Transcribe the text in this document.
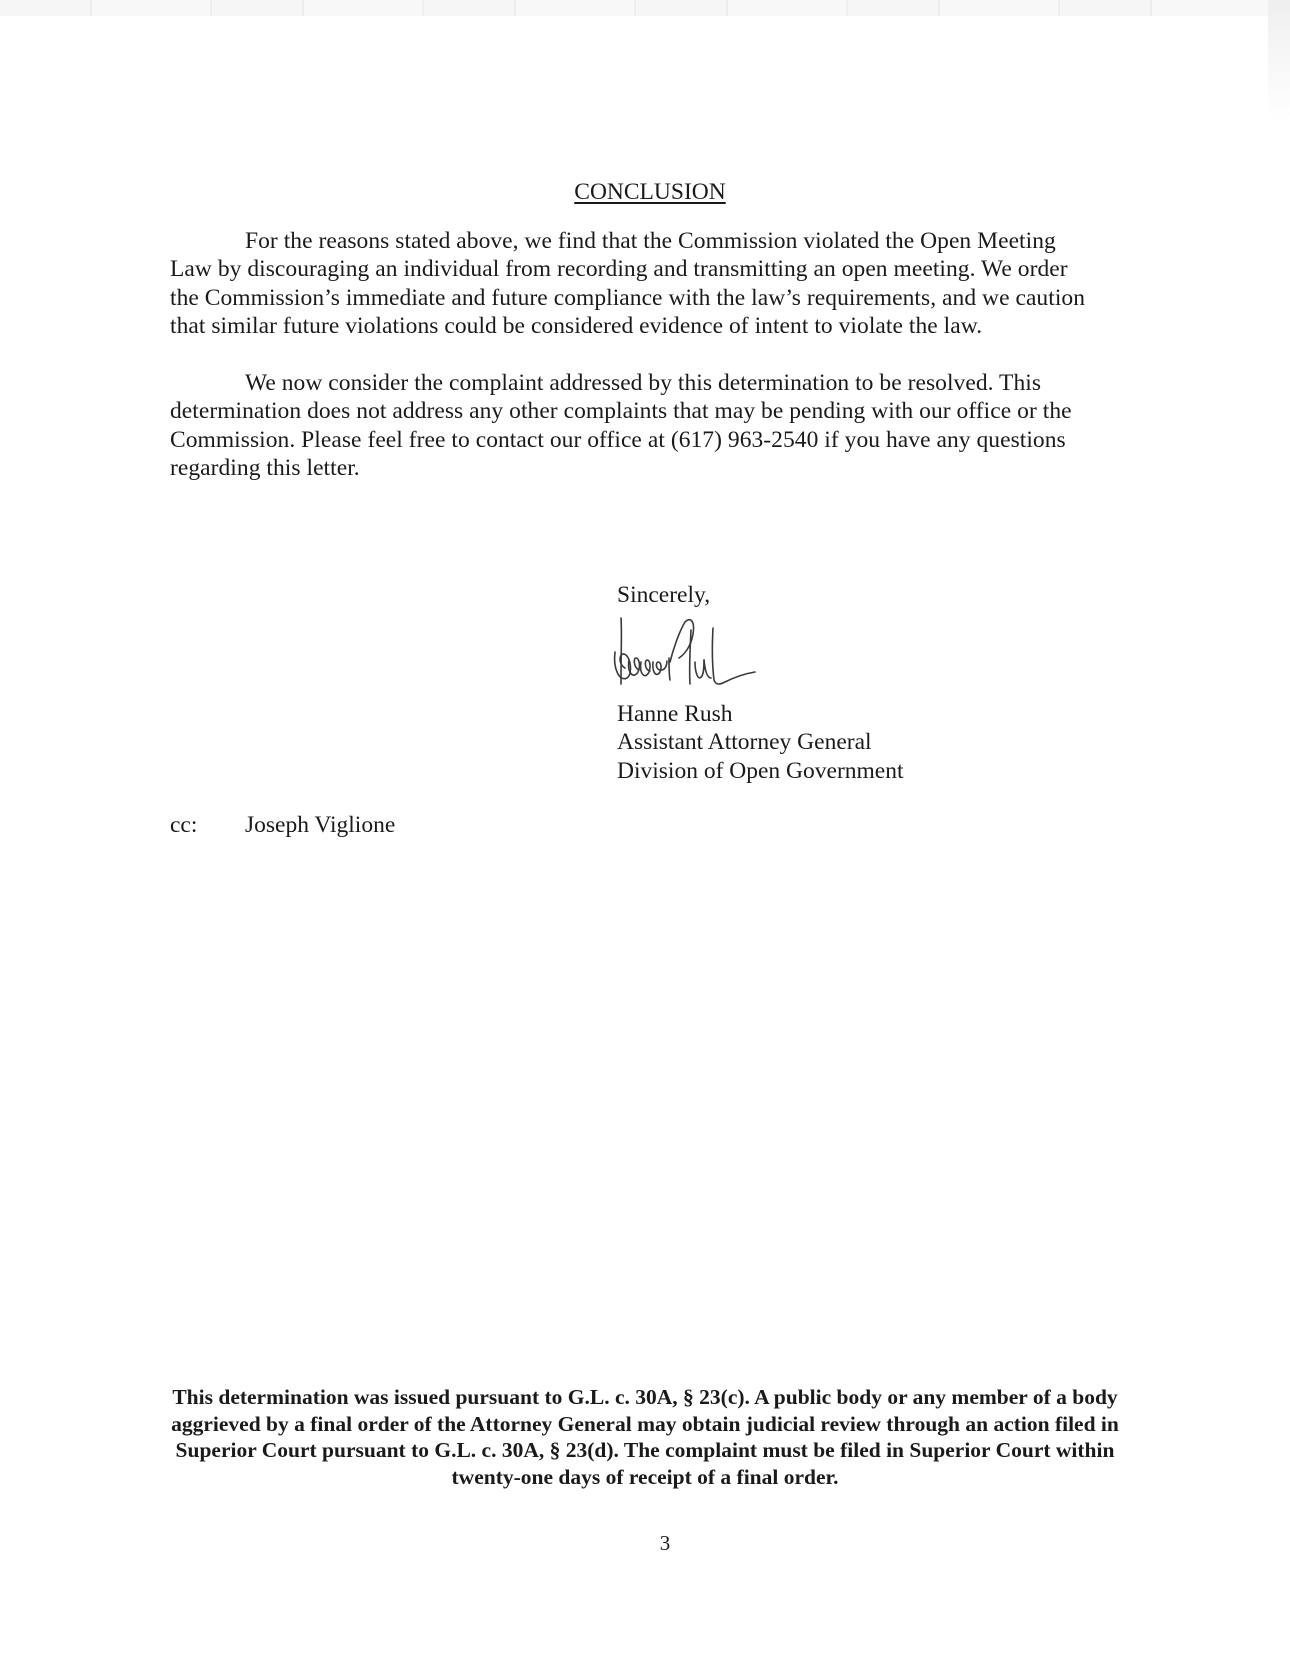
CONCLUSION

For the reasons stated above, we find that the Commission violated the Open Meeting Law by discouraging an individual from recording and transmitting an open meeting. We order the Commission’s immediate and future compliance with the law’s requirements, and we caution that similar future violations could be considered evidence of intent to violate the law.

We now consider the complaint addressed by this determination to be resolved. This determination does not address any other complaints that may be pending with our office or the Commission. Please feel free to contact our office at (617) 963-2540 if you have any questions regarding this letter.

Sincerely,
Hanne Rush
Assistant Attorney General
Division of Open Government
cc: Joseph Viglione
This determination was issued pursuant to G.L. c. 30A, § 23(c). A public body or any member of a body aggrieved by a final order of the Attorney General may obtain judicial review through an action filed in Superior Court pursuant to G.L. c. 30A, § 23(d). The complaint must be filed in Superior Court within twenty-one days of receipt of a final order.
3
